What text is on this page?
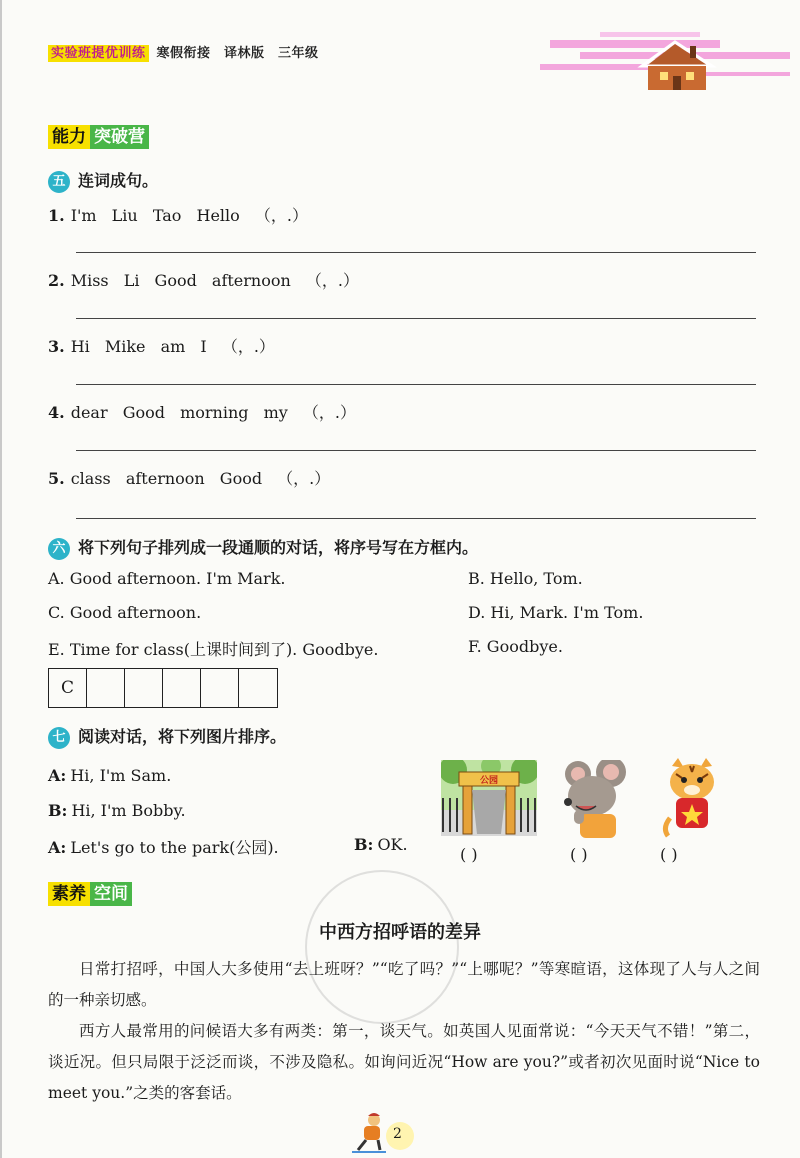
实验班提优训练 寒假衔接　译林版　三年级
能力 突破营
五 连词成句。
1. I'm Liu Tao Hello （，.）
2. Miss Li Good afternoon （，.）
3. Hi Mike am I （，.）
4. dear Good morning my （，.）
5. class afternoon Good （，.）
六 将下列句子排列成一段通顺的对话，将序号写在方框内。
A. Good afternoon. I'm Mark.	B. Hello, Tom.
C. Good afternoon.	D. Hi, Mark. I'm Tom.
E. Time for class(上课时间到了). Goodbye.	F. Goodbye.
C
七 阅读对话，将下列图片排序。
A: Hi, I'm Sam.
B: Hi, I'm Bobby.
A: Let's go to the park(公园).	B: OK.
公园
( )	( )	( )
素养 空间
中西方招呼语的差异
日常打招呼，中国人大多使用“去上班呀？”“吃了吗？”“上哪呢？”等寒暄语，这体现了人与人之间的一种亲切感。
西方人最常用的问候语大多有两类：第一，谈天气。如英国人见面常说：“今天天气不错！”第二，谈近况。但只局限于泛泛而谈，不涉及隐私。如询问近况“How are you?”或者初次见面时说“Nice to meet you.”之类的客套话。
2
